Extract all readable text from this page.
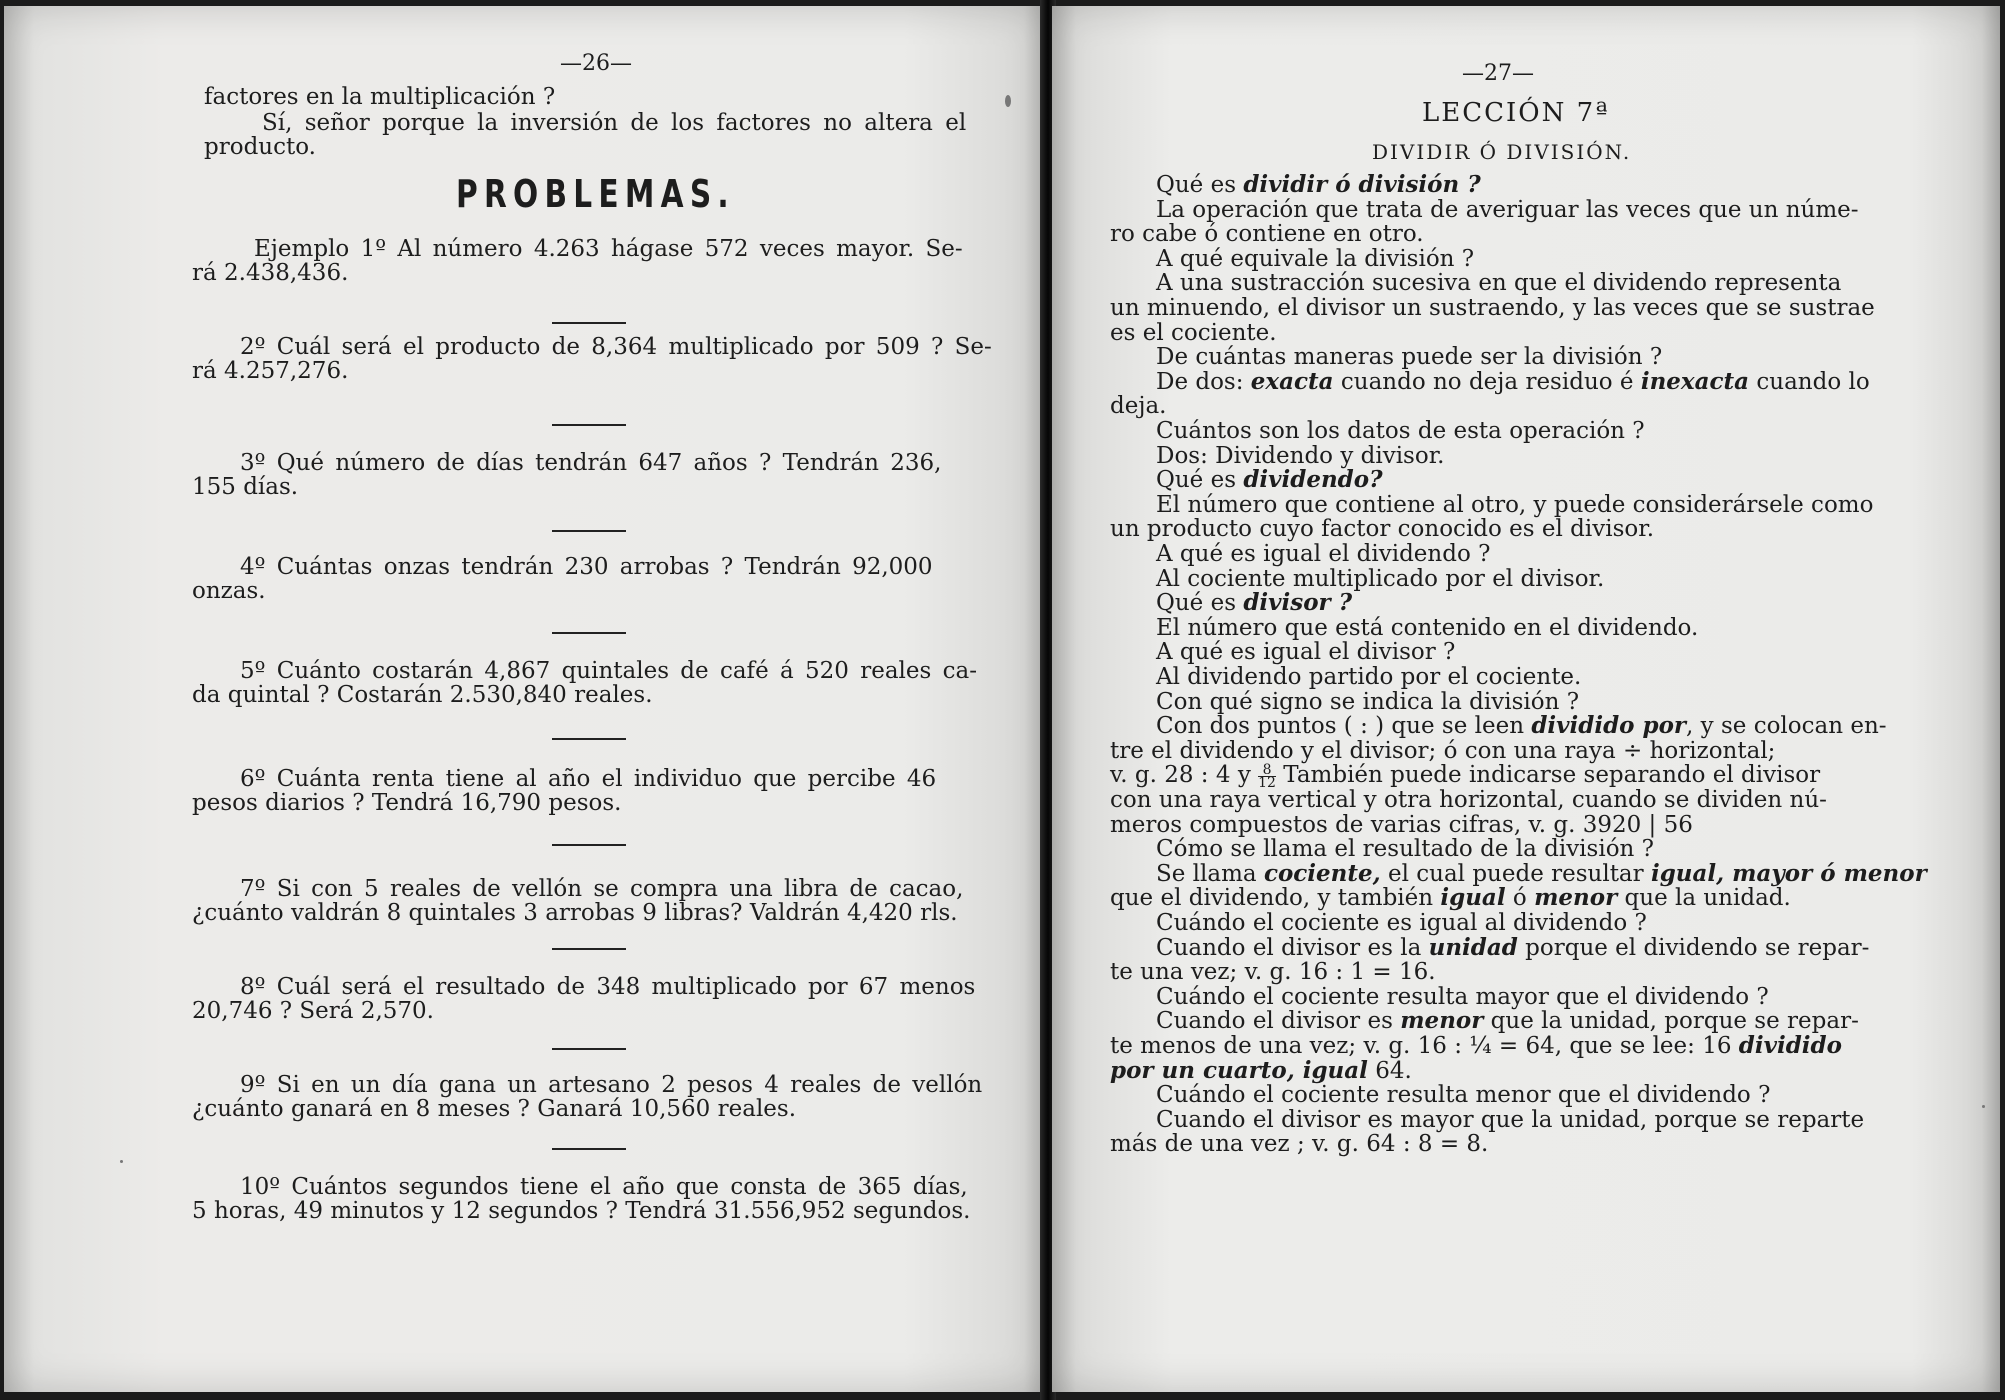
—26—
factores en la multiplicación ?
Sí, señor porque la inversión de los factores no altera el
producto.
PROBLEMAS.
Ejemplo 1º Al número 4.263 hágase 572 veces mayor. Se-
rá 2.438,436.
2º Cuál será el producto de 8,364 multiplicado por 509 ? Se-
rá 4.257,276.
3º Qué número de días tendrán 647 años ? Tendrán 236,
155 días.
4º Cuántas onzas tendrán 230 arrobas ? Tendrán 92,000
onzas.
5º Cuánto costarán 4,867 quintales de café á 520 reales ca-
da quintal ? Costarán 2.530,840 reales.
6º Cuánta renta tiene al año el individuo que percibe 46
pesos diarios ? Tendrá 16,790 pesos.
7º Si con 5 reales de vellón se compra una libra de cacao,
¿cuánto valdrán 8 quintales 3 arrobas 9 libras? Valdrán 4,420 rls.
8º Cuál será el resultado de 348 multiplicado por 67 menos
20,746 ? Será 2,570.
9º Si en un día gana un artesano 2 pesos 4 reales de vellón
¿cuánto ganará en 8 meses ? Ganará 10,560 reales.
10º Cuántos segundos tiene el año que consta de 365 días,
5 horas, 49 minutos y 12 segundos ? Tendrá 31.556,952 segundos.
—27—
LECCIÓN 7ª
DIVIDIR Ó DIVISIÓN.
Qué es dividir ó división ?
La operación que trata de averiguar las veces que un núme-
ro cabe ó contiene en otro.
A qué equivale la división ?
A una sustracción sucesiva en que el dividendo representa
un minuendo, el divisor un sustraendo, y las veces que se sustrae
es el cociente.
De cuántas maneras puede ser la división ?
De dos: exacta cuando no deja residuo é inexacta cuando lo
deja.
Cuántos son los datos de esta operación ?
Dos: Dividendo y divisor.
Qué es dividendo?
El número que contiene al otro, y puede considerársele como
un producto cuyo factor conocido es el divisor.
A qué es igual el dividendo ?
Al cociente multiplicado por el divisor.
Qué es divisor ?
El número que está contenido en el dividendo.
A qué es igual el divisor ?
Al dividendo partido por el cociente.
Con qué signo se indica la división ?
Con dos puntos ( : ) que se leen dividido por, y se colocan en-
tre el dividendo y el divisor; ó con una raya ÷ horizontal;
v. g. 28 : 4 y $\frac{8}{12}$ También puede indicarse separando el divisor
con una raya vertical y otra horizontal, cuando se dividen nú-
meros compuestos de varias cifras, v. g. 3920 | 56
Cómo se llama el resultado de la división ?
Se llama cociente, el cual puede resultar igual, mayor ó menor
que el dividendo, y también igual ó menor que la unidad.
Cuándo el cociente es igual al dividendo ?
Cuando el divisor es la unidad porque el dividendo se repar-
te una vez; v. g. 16 : 1 = 16.
Cuándo el cociente resulta mayor que el dividendo ?
Cuando el divisor es menor que la unidad, porque se repar-
te menos de una vez; v. g. 16 : ¼ = 64, que se lee: 16 dividido
por un cuarto, igual 64.
Cuándo el cociente resulta menor que el dividendo ?
Cuando el divisor es mayor que la unidad, porque se reparte
más de una vez ; v. g. 64 : 8 = 8.
